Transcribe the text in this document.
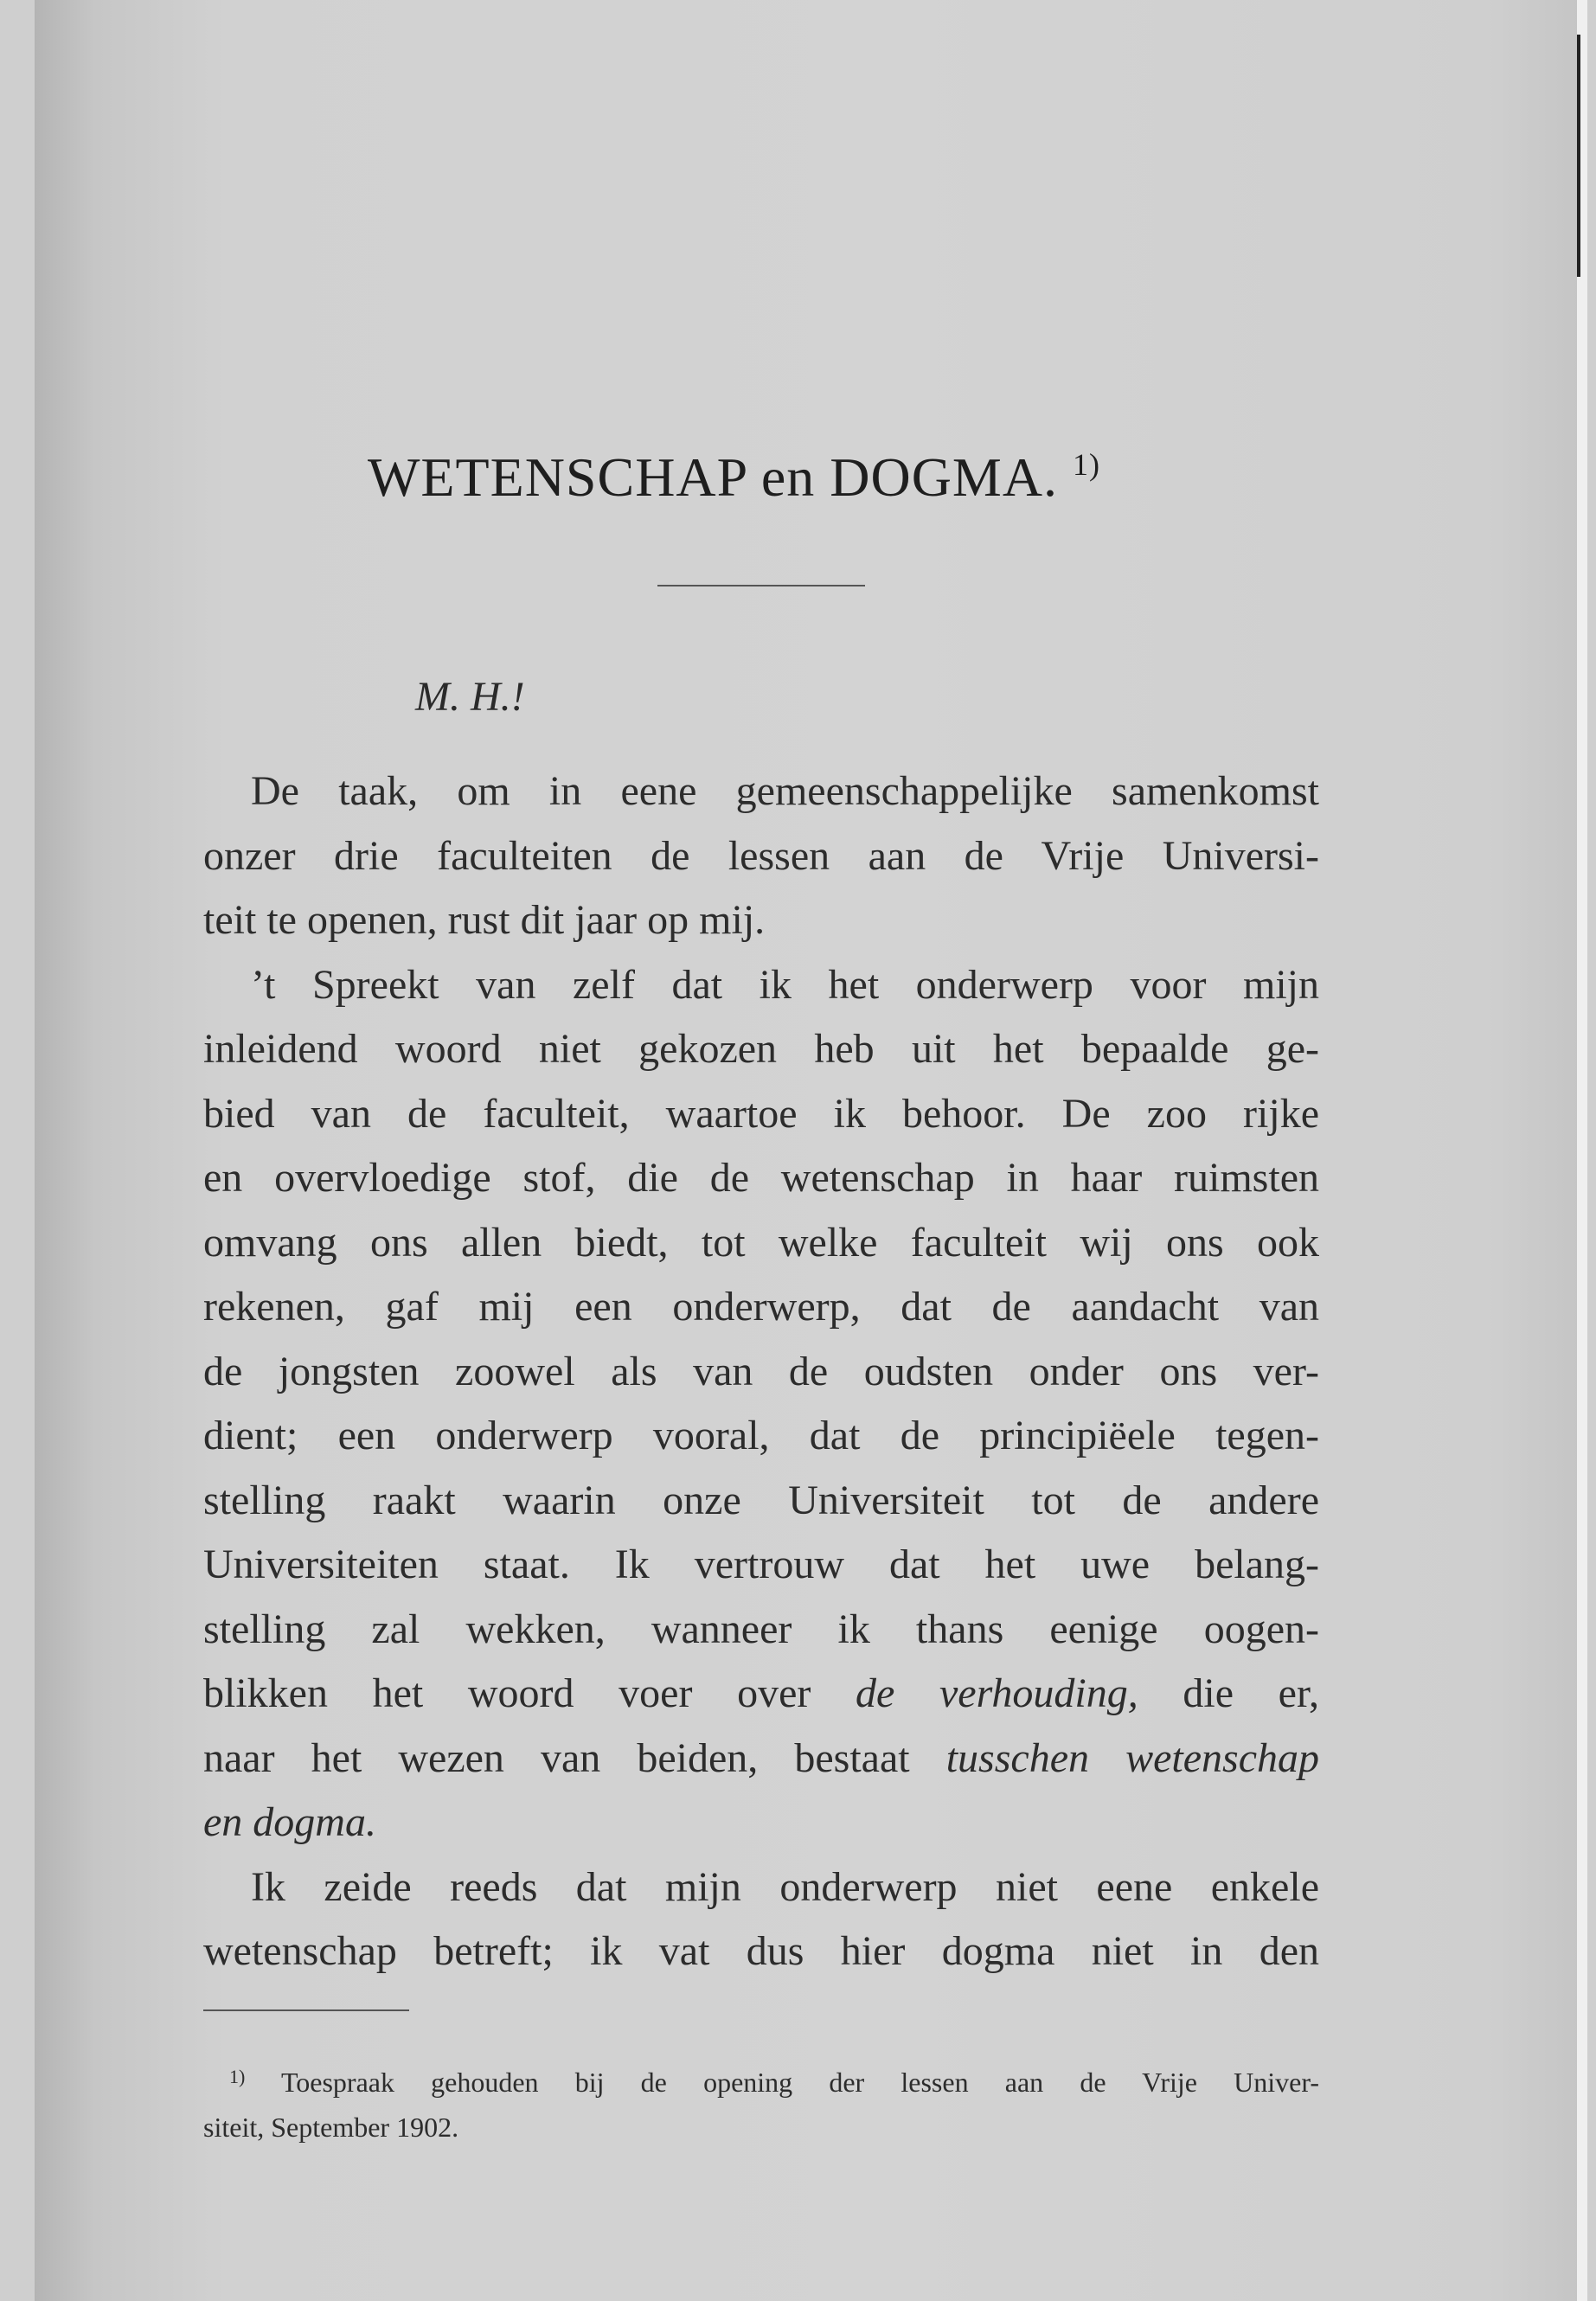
WETENSCHAP en DOGMA. $^{1)}$
M. H.!
De taak, om in eene gemeenschappelijke samenkomst
onzer drie faculteiten de lessen aan de Vrije Universi-
teit te openen, rust dit jaar op mij.
’t Spreekt van zelf dat ik het onderwerp voor mijn
inleidend woord niet gekozen heb uit het bepaalde ge-
bied van de faculteit, waartoe ik behoor. De zoo rijke
en overvloedige stof, die de wetenschap in haar ruimsten
omvang ons allen biedt, tot welke faculteit wij ons ook
rekenen, gaf mij een onderwerp, dat de aandacht van
de jongsten zoowel als van de oudsten onder ons ver-
dient; een onderwerp vooral, dat de principiëele tegen-
stelling raakt waarin onze Universiteit tot de andere
Universiteiten staat. Ik vertrouw dat het uwe belang-
stelling zal wekken, wanneer ik thans eenige oogen-
blikken het woord voer over de verhouding, die er,
naar het wezen van beiden, bestaat tusschen wetenschap
en dogma.
Ik zeide reeds dat mijn onderwerp niet eene enkele
wetenschap betreft; ik vat dus hier dogma niet in den
$^{1)}$ Toespraak gehouden bij de opening der lessen aan de Vrije Univer-
siteit, September 1902.
